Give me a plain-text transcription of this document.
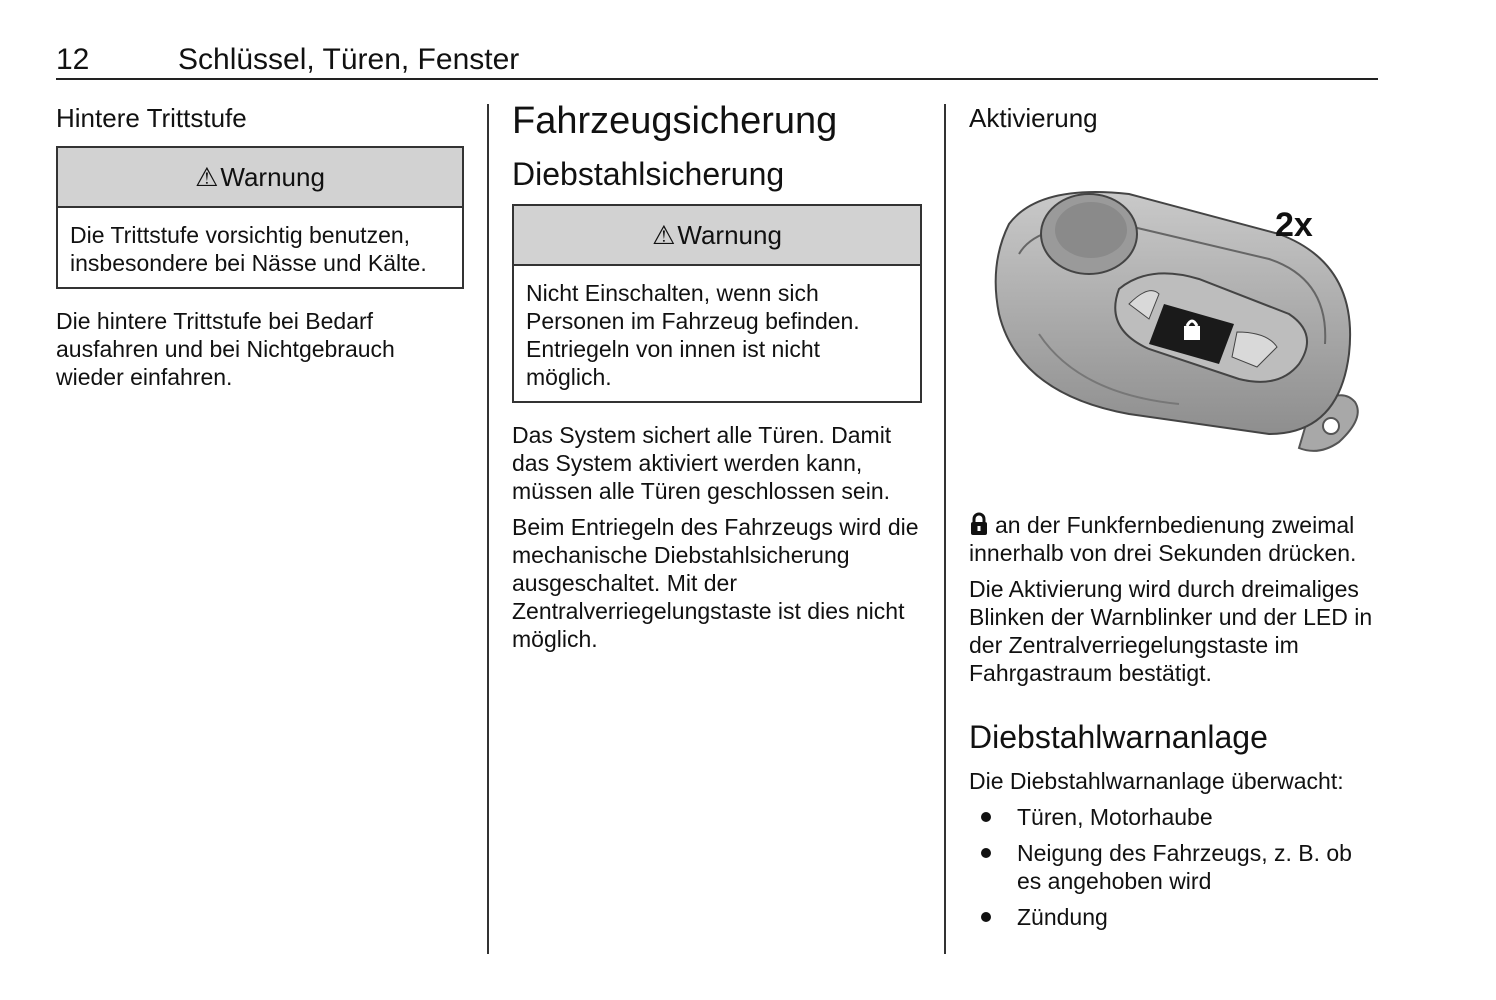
12	Schlüssel, Türen, Fenster
Hintere Trittstufe
⚠ Warnung
Die Trittstufe vorsichtig benutzen, insbesondere bei Nässe und Kälte.

Die hintere Trittstufe bei Bedarf ausfahren und bei Nichtgebrauch wieder einfahren.

Fahrzeugsicherung
Diebstahlsicherung
⚠ Warnung
Nicht Einschalten, wenn sich Personen im Fahrzeug befinden. Entriegeln von innen ist nicht möglich.

Das System sichert alle Türen. Damit das System aktiviert werden kann, müssen alle Türen geschlossen sein.

Beim Entriegeln des Fahrzeugs wird die mechanische Diebstahlsicherung ausgeschaltet. Mit der Zentralverriegelungstaste ist dies nicht möglich.

Aktivierung
2x

an der Funkfernbedienung zweimal innerhalb von drei Sekunden drücken.

Die Aktivierung wird durch dreimaliges Blinken der Warnblinker und der LED in der Zentralverriegelungstaste im Fahrgastraum bestätigt.

Diebstahlwarnanlage

Die Diebstahlwarnanlage überwacht:

Türen, Motorhaube
Neigung des Fahrzeugs, z. B. ob es angehoben wird
Zündung
